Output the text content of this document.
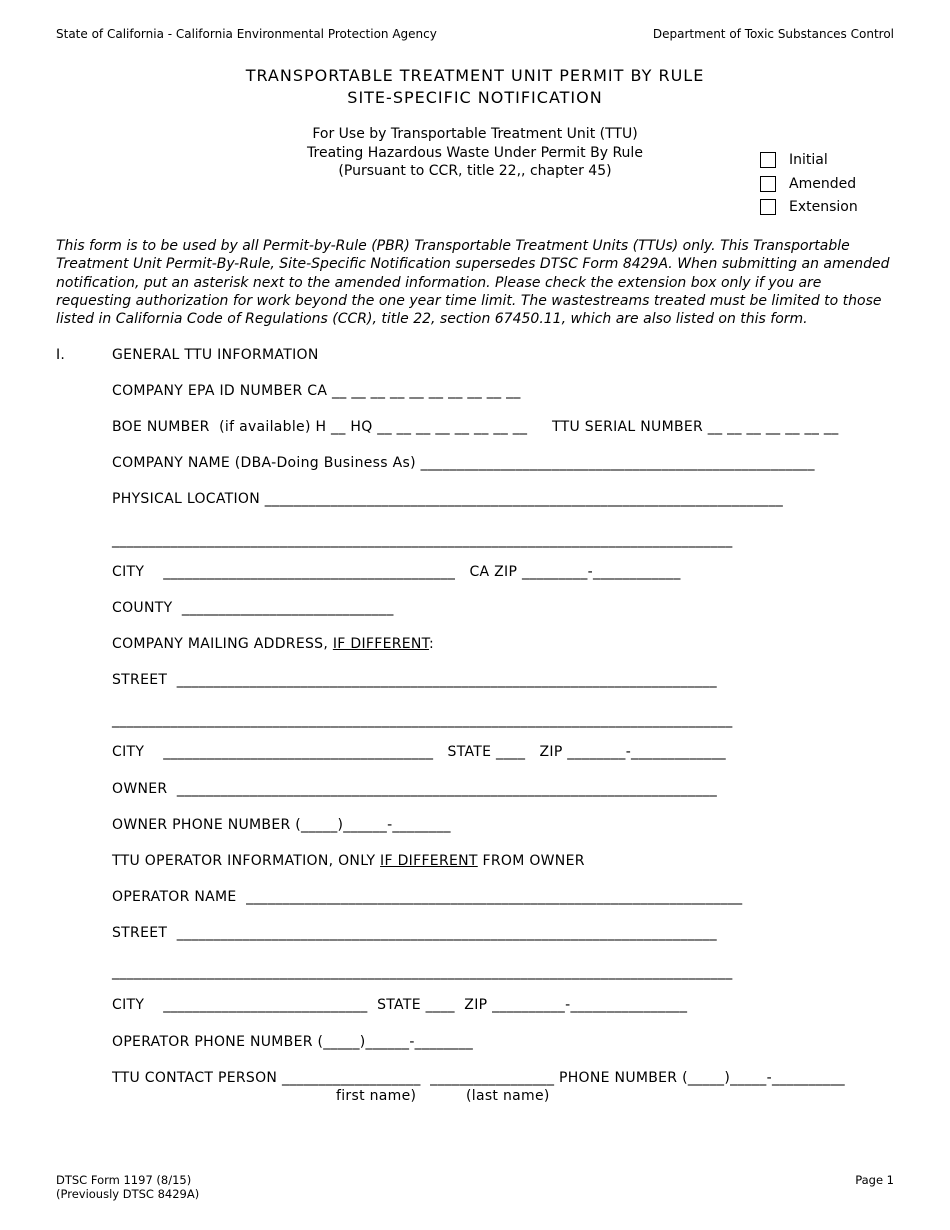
State of California - California Environmental Protection Agency	Department of Toxic Substances Control
TRANSPORTABLE TREATMENT UNIT PERMIT BY RULE
SITE-SPECIFIC NOTIFICATION
For Use by Transportable Treatment Unit (TTU)
Treating Hazardous Waste Under Permit By Rule
(Pursuant to CCR, title 22,, chapter 45)
Initial
Amended
Extension

This form is to be used by all Permit-by-Rule (PBR) Transportable Treatment Units (TTUs) only. This Transportable Treatment Unit Permit-By-Rule, Site-Specific Notification supersedes DTSC Form 8429A. When submitting an amended notification, put an asterisk next to the amended information. Please check the extension box only if you are requesting authorization for work beyond the one year time limit. The wastestreams treated must be limited to those listed in California Code of Regulations (CCR), title 22, section 67450.11, which are also listed on this form.

I.	GENERAL TTU INFORMATION
COMPANY EPA ID NUMBER CA __ __ __ __ __ __ __ __ __ __
BOE NUMBER  (if available) H __ HQ __ __ __ __ __ __ __ __ TTU SERIAL NUMBER __ __ __ __ __ __ __
COMPANY NAME (DBA-Doing Business As) ______________________________________________________
PHYSICAL LOCATION _______________________________________________________________________
_____________________________________________________________________________________
CITY    ________________________________________   CA ZIP _________-____________
COUNTY  _____________________________
COMPANY MAILING ADDRESS, IF DIFFERENT:
STREET  __________________________________________________________________________
_____________________________________________________________________________________
CITY    _____________________________________   STATE ____   ZIP ________-_____________
OWNER  __________________________________________________________________________
OWNER PHONE NUMBER (_____)______-________
TTU OPERATOR INFORMATION, ONLY IF DIFFERENT FROM OWNER
OPERATOR NAME  ____________________________________________________________________
STREET  __________________________________________________________________________
_____________________________________________________________________________________
CITY    ____________________________  STATE ____  ZIP __________-________________
OPERATOR PHONE NUMBER (_____)______-________
TTU CONTACT PERSON ___________________  _________________ PHONE NUMBER (_____)_____-__________
first name)	(last name)
DTSC Form 1197 (8/15)
(Previously DTSC 8429A)
Page 1
